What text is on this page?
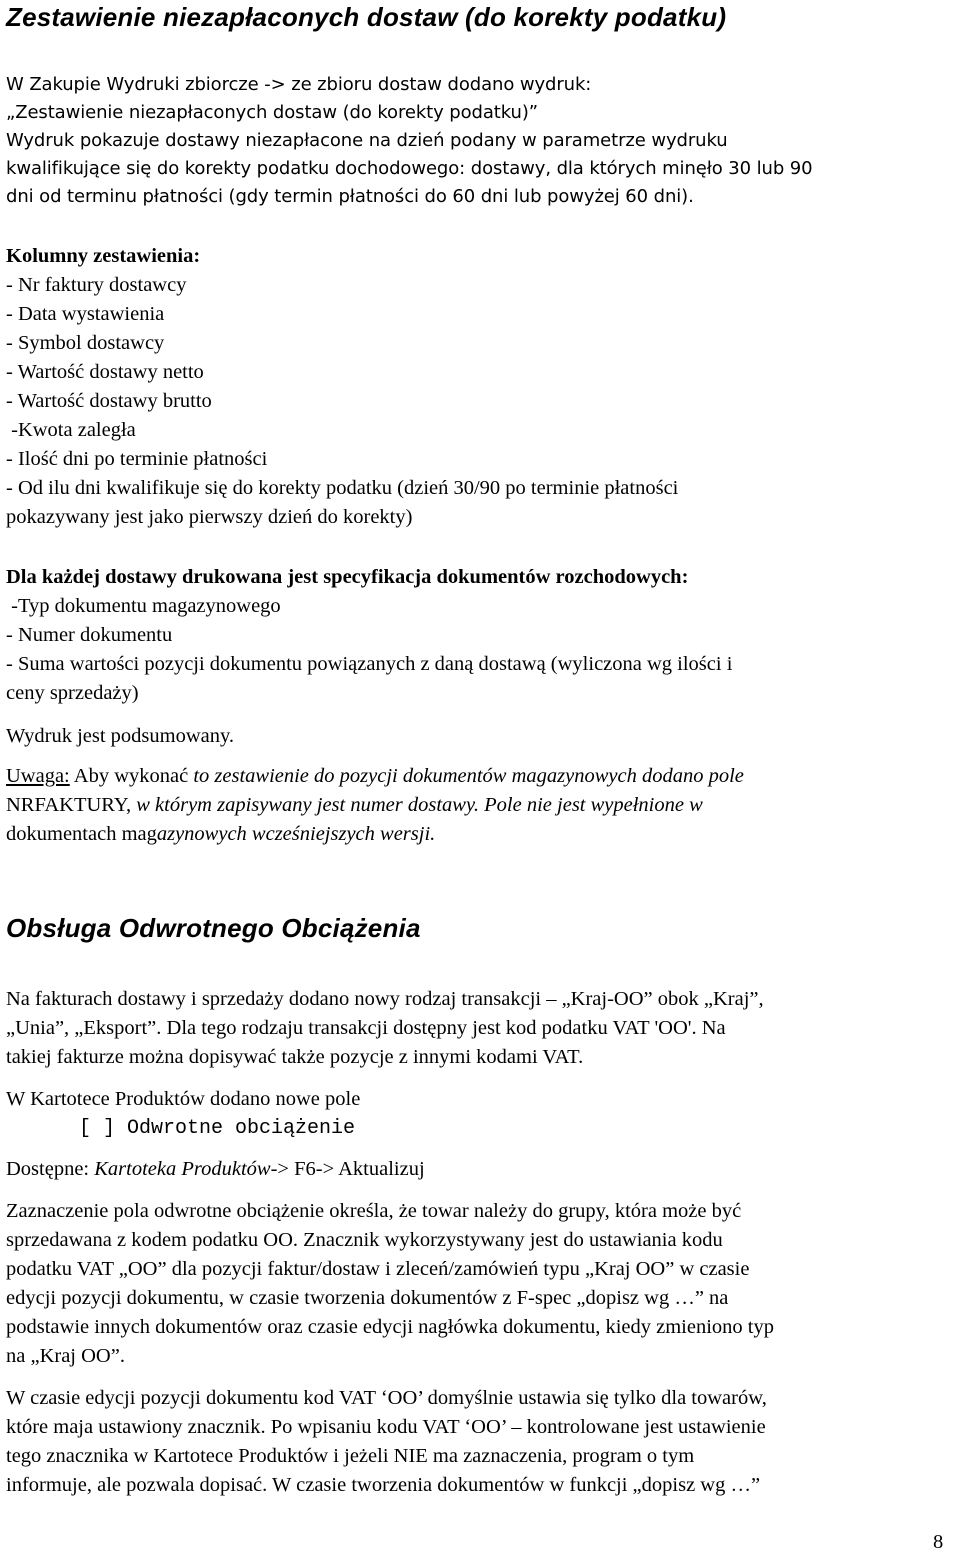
Zestawienie niezapłaconych dostaw (do korekty podatku)
W Zakupie Wydruki zbiorcze -> ze zbioru dostaw dodano wydruk:
„Zestawienie niezapłaconych dostaw (do korekty podatku)”
Wydruk pokazuje dostawy niezapłacone na dzień podany w parametrze wydruku
kwalifikujące się do korekty podatku dochodowego: dostawy, dla których minęło 30 lub 90
dni od terminu płatności (gdy termin płatności do 60 dni lub powyżej 60 dni).
Kolumny zestawienia:
- Nr faktury dostawcy
- Data wystawienia
- Symbol dostawcy
- Wartość dostawy netto
- Wartość dostawy brutto
-Kwota zaległa
- Ilość dni po terminie płatności
- Od ilu dni kwalifikuje się do korekty podatku (dzień 30/90 po terminie płatności
pokazywany jest jako pierwszy dzień do korekty)
Dla każdej dostawy drukowana jest specyfikacja dokumentów rozchodowych:
-Typ dokumentu magazynowego
- Numer dokumentu
- Suma wartości pozycji dokumentu powiązanych z daną dostawą (wyliczona wg ilości i
ceny sprzedaży)
Wydruk jest podsumowany.
Uwaga: Aby wykonać to zestawienie do pozycji dokumentów magazynowych dodano pole
NRFAKTURY, w którym zapisywany jest numer dostawy. Pole nie jest wypełnione w
dokumentach magazynowych wcześniejszych wersji.
Obsługa Odwrotnego Obciążenia
Na fakturach dostawy i sprzedaży dodano nowy rodzaj transakcji – „Kraj-OO” obok „Kraj”,
„Unia”, „Eksport”. Dla tego rodzaju transakcji dostępny jest kod podatku VAT 'OO'. Na
takiej fakturze można dopisywać także pozycje z innymi kodami VAT.
W Kartotece Produktów dodano nowe pole
[ ] Odwrotne obciążenie
Dostępne: Kartoteka Produktów-> F6-> Aktualizuj
Zaznaczenie pola odwrotne obciążenie określa, że towar należy do grupy, która może być
sprzedawana z kodem podatku OO. Znacznik wykorzystywany jest do ustawiania kodu
podatku VAT „OO” dla pozycji faktur/dostaw i zleceń/zamówień typu „Kraj OO” w czasie
edycji pozycji dokumentu, w czasie tworzenia dokumentów z F-spec „dopisz wg …” na
podstawie innych dokumentów oraz czasie edycji nagłówka dokumentu, kiedy zmieniono typ
na „Kraj OO”.
W czasie edycji pozycji dokumentu kod VAT ‘OO’ domyślnie ustawia się tylko dla towarów,
które maja ustawiony znacznik. Po wpisaniu kodu VAT ‘OO’ – kontrolowane jest ustawienie
tego znacznika w Kartotece Produktów i jeżeli NIE ma zaznaczenia, program o tym
informuje, ale pozwala dopisać. W czasie tworzenia dokumentów w funkcji „dopisz wg …”
8
